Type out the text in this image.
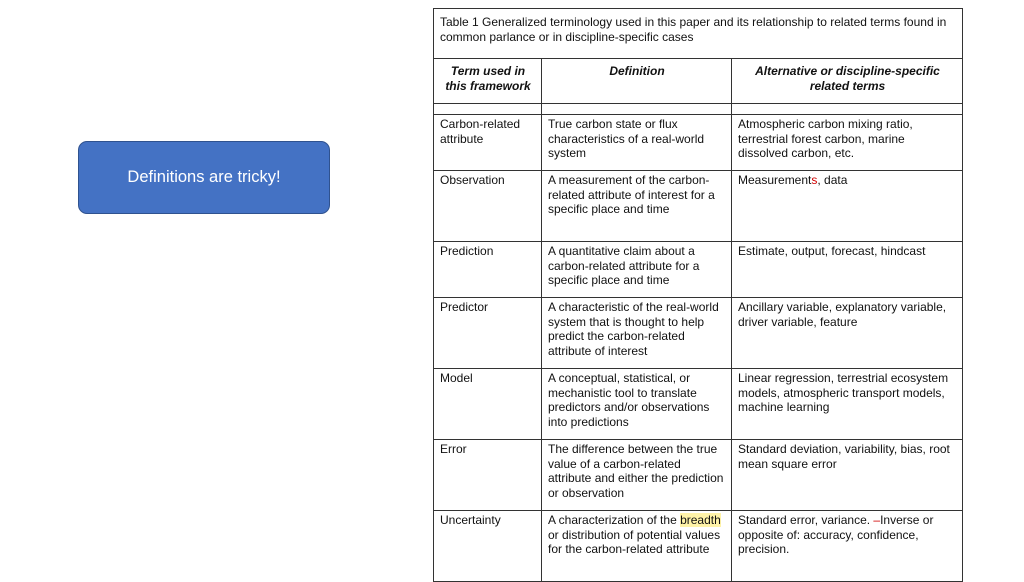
Definitions are tricky!
Table 1 Generalized terminology used in this paper and its relationship to related terms found in common parlance or in discipline-specific cases		
Term used in this framework	Definition	Alternative or discipline-specific related terms

Carbon-related attribute	True carbon state or flux characteristics of a real-world system	Atmospheric carbon mixing ratio, terrestrial forest carbon, marine dissolved carbon, etc.
Observation	A measurement of the carbon-related attribute of interest for a specific place and time	Measurements, data
Prediction	A quantitative claim about a carbon-related attribute for a specific place and time	Estimate, output, forecast, hindcast
Predictor	A characteristic of the real-world system that is thought to help predict the carbon-related attribute of interest	Ancillary variable, explanatory variable, driver variable, feature
Model	A conceptual, statistical, or mechanistic tool to translate predictors and/or observations into predictions	Linear regression, terrestrial ecosystem models, atmospheric transport models, machine learning
Error	The difference between the true value of a carbon-related attribute and either the prediction or observation	Standard deviation, variability, bias, root mean square error
Uncertainty	A characterization of the breadth or distribution of potential values for the carbon-related attribute	Standard error, variance. –Inverse or opposite of: accuracy, confidence, precision.
